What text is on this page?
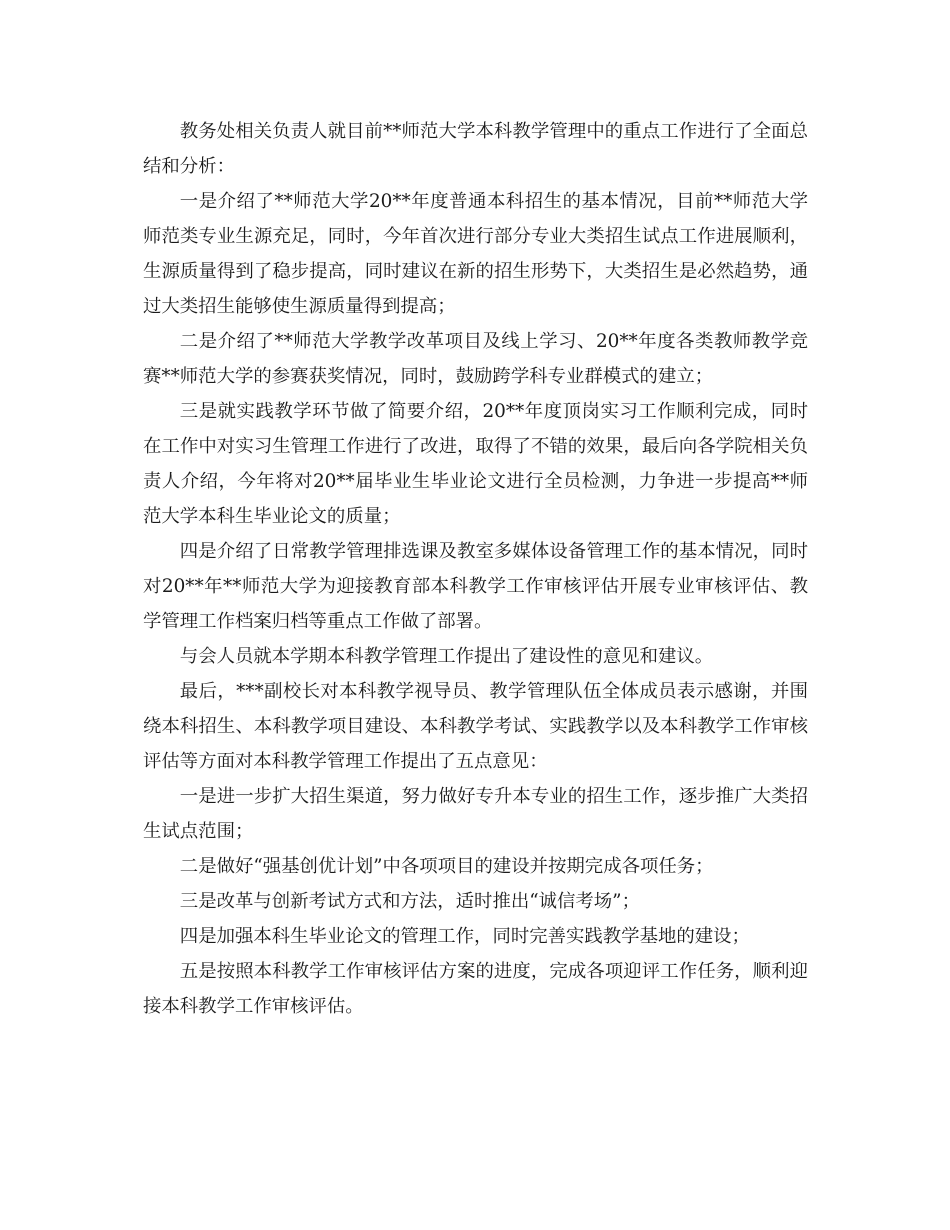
教务处相关负责人就目前**师范大学本科教学管理中的重点工作进行了全面总结和分析：

一是介绍了**师范大学20**年度普通本科招生的基本情况，目前**师范大学师范类专业生源充足，同时，今年首次进行部分专业大类招生试点工作进展顺利，生源质量得到了稳步提高，同时建议在新的招生形势下，大类招生是必然趋势，通过大类招生能够使生源质量得到提高；

二是介绍了**师范大学教学改革项目及线上学习、20**年度各类教师教学竞赛**师范大学的参赛获奖情况，同时，鼓励跨学科专业群模式的建立；

三是就实践教学环节做了简要介绍，20**年度顶岗实习工作顺利完成，同时在工作中对实习生管理工作进行了改进，取得了不错的效果，最后向各学院相关负责人介绍，今年将对20**届毕业生毕业论文进行全员检测，力争进一步提高**师范大学本科生毕业论文的质量；

四是介绍了日常教学管理排选课及教室多媒体设备管理工作的基本情况，同时对20**年**师范大学为迎接教育部本科教学工作审核评估开展专业审核评估、教学管理工作档案归档等重点工作做了部署。

与会人员就本学期本科教学管理工作提出了建设性的意见和建议。

最后，***副校长对本科教学视导员、教学管理队伍全体成员表示感谢，并围绕本科招生、本科教学项目建设、本科教学考试、实践教学以及本科教学工作审核评估等方面对本科教学管理工作提出了五点意见：

一是进一步扩大招生渠道，努力做好专升本专业的招生工作，逐步推广大类招生试点范围；

二是做好“强基创优计划”中各项项目的建设并按期完成各项任务；

三是改革与创新考试方式和方法，适时推出“诚信考场”；

四是加强本科生毕业论文的管理工作，同时完善实践教学基地的建设；

五是按照本科教学工作审核评估方案的进度，完成各项迎评工作任务，顺利迎接本科教学工作审核评估。
